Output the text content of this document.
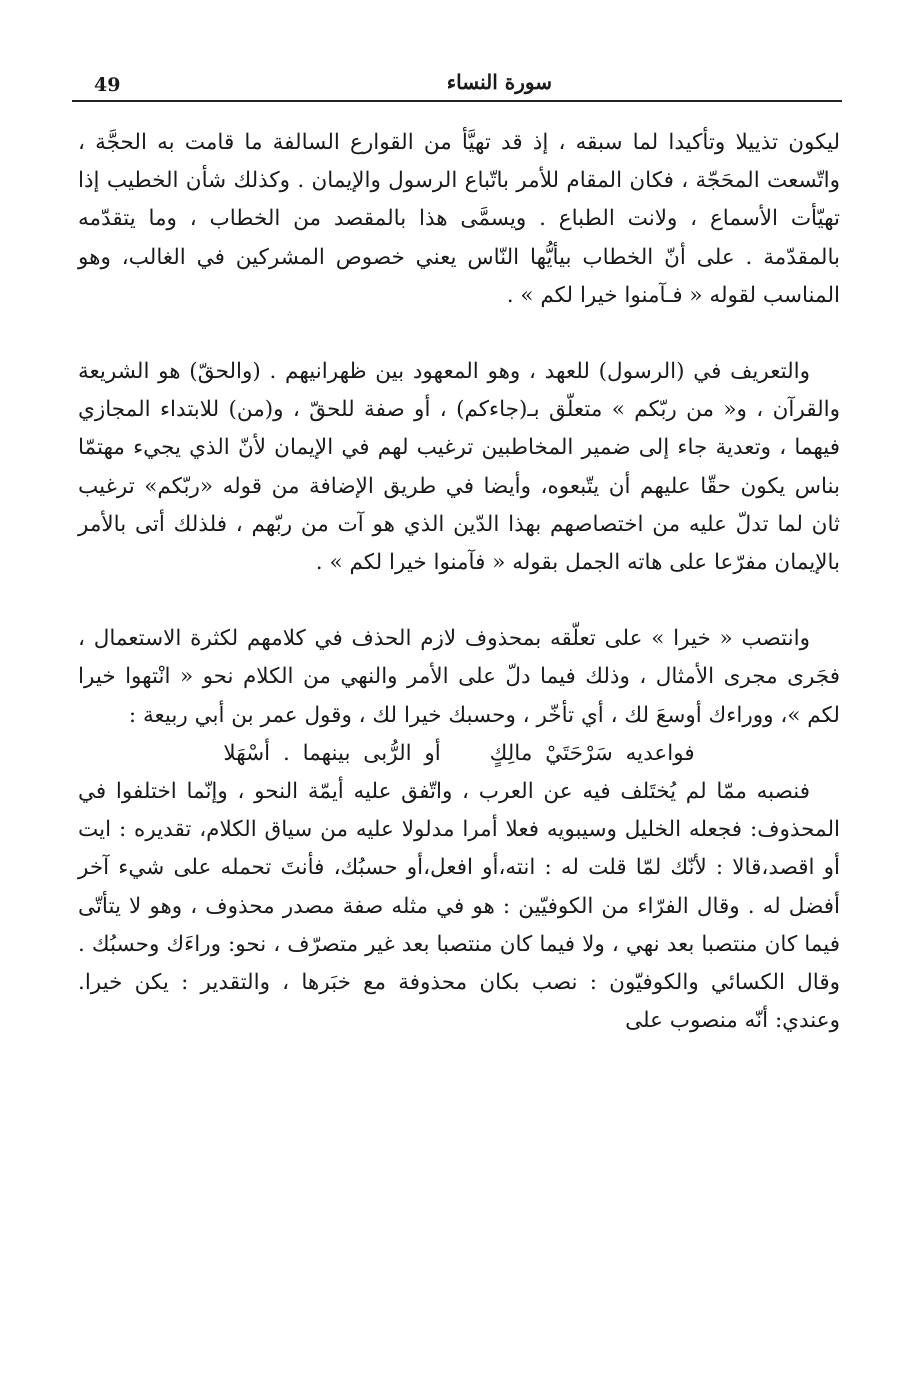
49	سورة النساء

ليكون تذييلا وتأكيدا لما سبقه ، إذ قد تهيَّأ من القوارع السالفة ما قامت به الحجَّة ، واتّسعت المحَجّة ، فكان المقام للأمر باتّباع الرسول والإيمان . وكذلك شأن الخطيب إذا تهيّأت الأسماع ، ولانت الطباع . ويسمَّى هذا بالمقصد من الخطاب ، وما يتقدّمه بالمقدّمة . على أنّ الخطاب بيأيُّها النّاس يعني خصوص المشركين في الغالب، وهو المناسب لقوله « فـآمنوا خيرا لكم » .

والتعريف في (الرسول) للعهد ، وهو المعهود بين ظهرانيهم . (والحقّ) هو الشريعة والقرآن ، و« من ربّكم » متعلّق بـ(جاءكم) ، أو صفة للحقّ ، و(من) للابتداء المجازي فيهما ، وتعدية جاء إلى ضمير المخاطبين ترغيب لهم في الإيمان لأنّ الذي يجيء مهتمّا بناس يكون حقّا عليهم أن يتّبعوه، وأيضا في طريق الإضافة من قوله «ربّكم» ترغيب ثان لما تدلّ عليه من اختصاصهم بهذا الدّين الذي هو آت من ربّهم ، فلذلك أتى بالأمر بالإيمان مفرّعا على هاته الجمل بقوله « فآمنوا خيرا لكم » .

وانتصب « خيرا » على تعلّقه بمحذوف لازم الحذف في كلامهم لكثرة الاستعمال ، فجَرى مجرى الأمثال ، وذلك فيما دلّ على الأمر والنهي من الكلام نحو « انْتهوا خيرا لكم »، ووراءك أوسعَ لك ، أي تأخّر ، وحسبك خيرا لك ، وقول عمر بن أبي ربيعة :

فواعديه سَرْحَتَيْ مالِكٍ أو الرُّبى بينهما . أسْهَلا

فنصبه ممّا لم يُختَلف فيه عن العرب ، واتّفق عليه أيمّة النحو ، وإنّما اختلفوا في المحذوف: فجعله الخليل وسيبويه فعلا أمرا مدلولا عليه من سياق الكلام، تقديره : ايت أو اقصد،قالا : لأنّك لمّا قلت له : انته،أو افعل،أو حسبُك، فأنتَ تحمله على شيء آخر أفضل له . وقال الفرّاء من الكوفيّين : هو في مثله صفة مصدر محذوف ، وهو لا يتأتّى فيما كان منتصبا بعد نهي ، ولا فيما كان منتصبا بعد غير متصرّف ، نحو: وراءَك وحسبُك . وقال الكسائي والكوفيّون : نصب بكان محذوفة مع خبَرها ، والتقدير : يكن خيرا. وعندي: أنّه منصوب على
